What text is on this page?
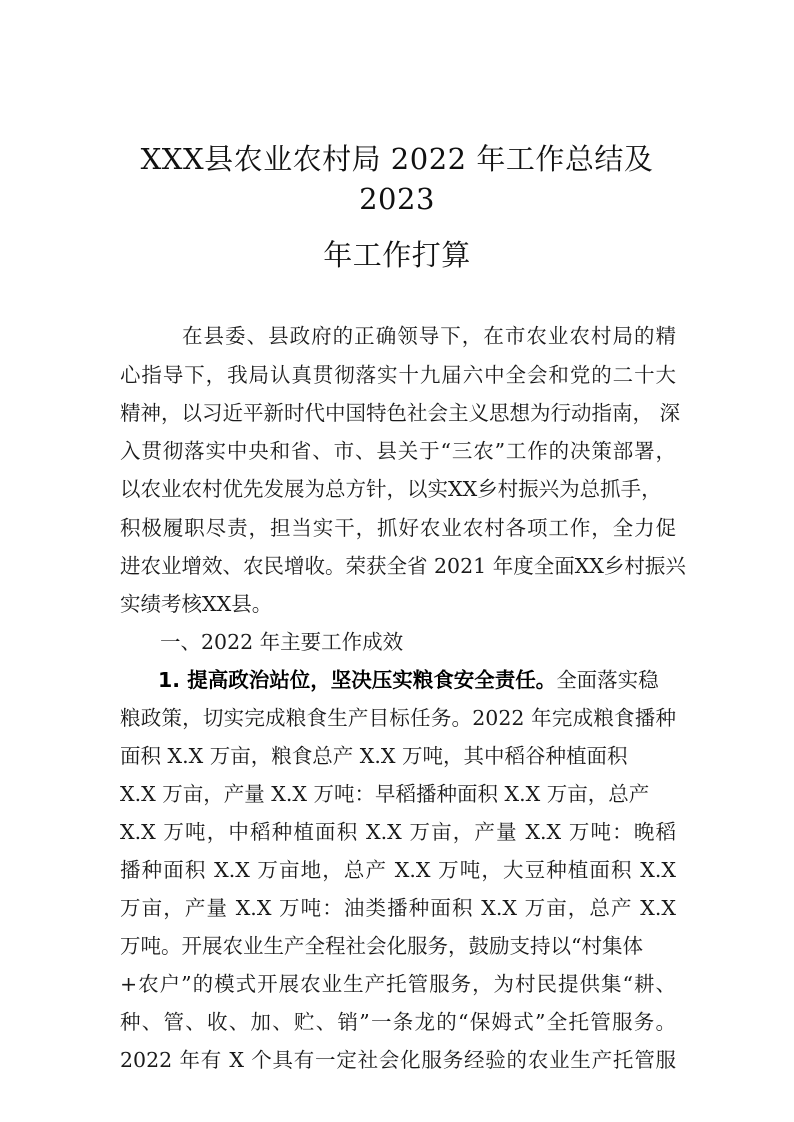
XXX县农业农村局 2022 年工作总结及
2023
年工作打算
在县委、县政府的正确领导下，在市农业农村局的精
心指导下，我局认真贯彻落实十九届六中全会和党的二十大
精神，以习近平新时代中国特色社会主义思想为行动指南， 深
入贯彻落实中央和省、市、县关于“三农”工作的决策部署，
以农业农村优先发展为总方针，以实XX乡村振兴为总抓手，
积极履职尽责，担当实干，抓好农业农村各项工作，全力促
进农业增效、农民增收。荣获全省 2021 年度全面XX乡村振兴
实绩考核XX县。
一、2022 年主要工作成效
1. 提高政治站位，坚决压实粮食安全责任。全面落实稳
粮政策，切实完成粮食生产目标任务。2022 年完成粮食播种
面积 X.X 万亩，粮食总产 X.X 万吨，其中稻谷种植面积
X.X 万亩，产量 X.X 万吨：早稻播种面积 X.X 万亩，总产
X.X 万吨，中稻种植面积 X.X 万亩，产量 X.X 万吨：晚稻
播种面积 X.X 万亩地，总产 X.X 万吨，大豆种植面积 X.X
万亩，产量 X.X 万吨：油类播种面积 X.X 万亩，总产 X.X
万吨。开展农业生产全程社会化服务，鼓励支持以“村集体
+农户”的模式开展农业生产托管服务，为村民提供集“耕、
种、管、收、加、贮、销”一条龙的“保姆式”全托管服务。
2022 年有 X 个具有一定社会化服务经验的农业生产托管服
